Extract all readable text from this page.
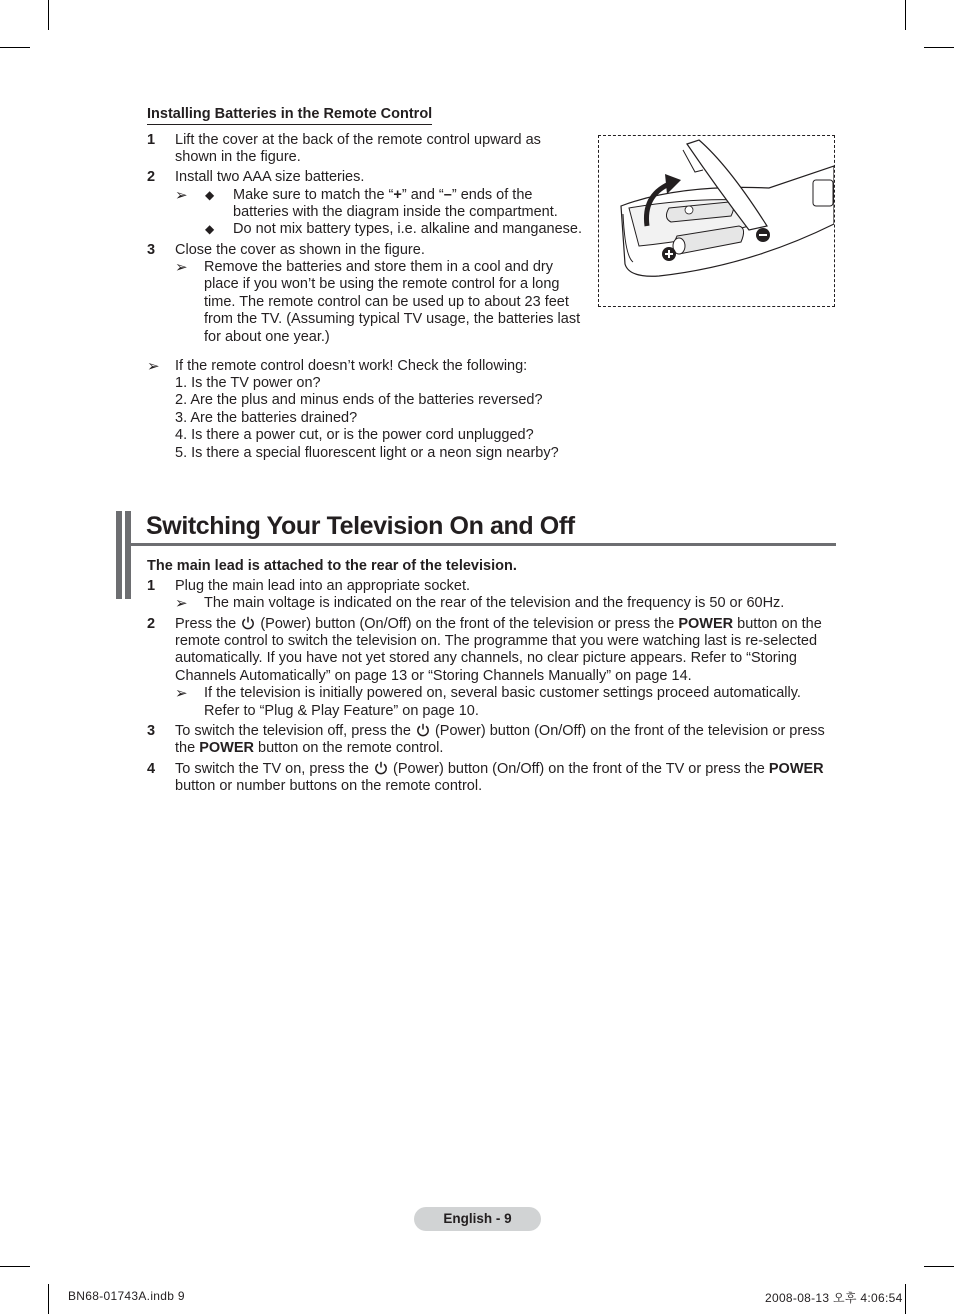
Installing Batteries in the Remote Control
1 Lift the cover at the back of the remote control upward as
shown in the figure.
2 Install two AAA size batteries.
➢ ◆ Make sure to match the “+” and “–” ends of the
batteries with the diagram inside the compartment.
◆ Do not mix battery types, i.e. alkaline and manganese.
3 Close the cover as shown in the figure.
➢ Remove the batteries and store them in a cool and dry
place if you won’t be using the remote control for a long
time. The remote control can be used up to about 23 feet
from the TV. (Assuming typical TV usage, the batteries last
for about one year.)
➢ If the remote control doesn’t work! Check the following:
1. Is the TV power on?
2. Are the plus and minus ends of the batteries reversed?
3. Are the batteries drained?
4. Is there a power cut, or is the power cord unplugged?
5. Is there a special fluorescent light or a neon sign nearby?
Switching Your Television On and Off
The main lead is attached to the rear of the television.
1 Plug the main lead into an appropriate socket.
➢ The main voltage is indicated on the rear of the television and the frequency is 50 or 60Hz.
2 Press the (Power) button (On/Off) on the front of the television or press the POWER button on the
remote control to switch the television on. The programme that you were watching last is re-selected
automatically. If you have not yet stored any channels, no clear picture appears. Refer to “Storing
Channels Automatically” on page 13 or “Storing Channels Manually” on page 14.
➢ If the television is initially powered on, several basic customer settings proceed automatically.
Refer to “Plug & Play Feature” on page 10.
3 To switch the television off, press the (Power) button (On/Off) on the front of the television or press
the POWER button on the remote control.
4 To switch the TV on, press the (Power) button (On/Off) on the front of the TV or press the POWER
button or number buttons on the remote control.
English - 9
BN68-01743A.indb 9	2008-08-13 오후 4:06:54
